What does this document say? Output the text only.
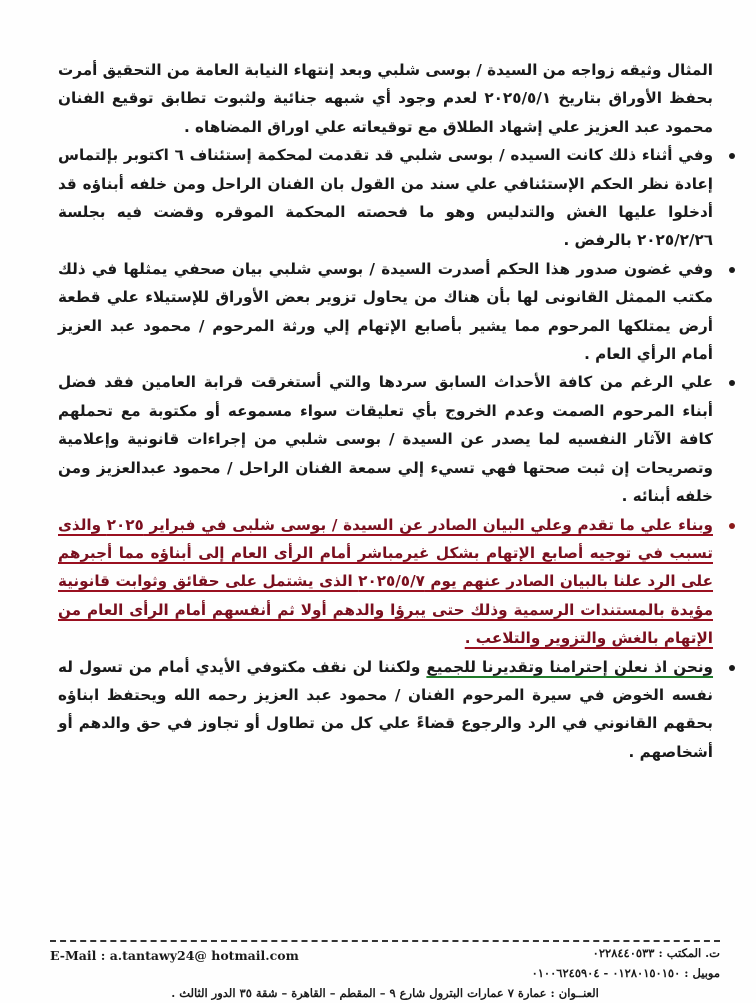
المثال وثيقه زواجه من السيدة / بوسى شلبي وبعد إنتهاء النيابة العامة من التحقيق أمرت بحفظ الأوراق بتاريخ ٢٠٢٥/٥/١ لعدم وجود أي شبهه جنائية ولثبوت تطابق توقيع الفنان محمود عبد العزيز علي إشهاد الطلاق مع توقيعاته علي اوراق المضاهاه .

وفي أثناء ذلك كانت السيده / بوسى شلبي قد تقدمت لمحكمة إستئناف ٦ اكتوبر بإلتماس إعادة نظر الحكم الإستئنافي علي سند من القول بان الفنان الراحل ومن خلفه أبناؤه قد أدخلوا عليها الغش والتدليس وهو ما فحصته المحكمة الموقره وقضت فيه بجلسة ٢٠٢٥/٢/٢٦ بالرفض .

وفي غضون صدور هذا الحكم أصدرت السيدة / بوسي شلبي بيان صحفي يمثلها في ذلك مكتب الممثل القانونى لها بأن هناك من يحاول تزوير بعض الأوراق للإستيلاء علي قطعة أرض يمتلكها المرحوم مما يشير بأصابع الإتهام إلي ورثة المرحوم / محمود عبد العزيز أمام الرأي العام .

علي الرغم من كافة الأحداث السابق سردها والتي أستغرقت قرابة العامين فقد فضل أبناء المرحوم الصمت وعدم الخروج بأي تعليقات سواء مسموعه أو مكتوبة مع تحملهم كافة الآثار النفسيه لما يصدر عن السيدة / بوسى شلبي من إجراءات قانونية وإعلامية وتصريحات إن ثبت صحتها فهي تسيء إلي سمعة الفنان الراحل / محمود عبدالعزيز ومن خلفه أبنائه .

وبناء علي ما تقدم وعلي البيان الصادر عن السيدة / بوسى شلبى في فبراير ٢٠٢٥ والذى تسبب في توجيه أصابع الإتهام بشكل غيرمباشر أمام الرأى العام إلى أبناؤه مما أجبرهم على الرد علنا بالبيان الصادر عنهم يوم ٢٠٢٥/٥/٧ الذى يشتمل على حقائق وثوابت قانونية مؤيدة بالمستندات الرسمية وذلك حتى يبرؤا والدهم أولا ثم أنفسهم أمام الرأى العام من الإتهام بالغش والتزوير والتلاعب .

ونحن اذ نعلن إحترامنا وتقديرنا للجميع ولكننا لن نقف مكتوفي الأيدي أمام من تسول له نفسه الخوض في سيرة المرحوم الفنان / محمود عبد العزيز رحمه الله ويحتفظ ابناؤه بحقهم القانوني في الرد والرجوع قضاءً علي كل من تطاول أو تجاوز في حق والدهم أو أشخاصهم .

E-Mail : a.tantawy24@ hotmail.com	ت. المكتب : ٠٢٢٨٤٤٠٥٣٣
موبيل : ٠١٢٨٠١٥٠١٥٠ - ٠١٠٠٦٢٤٥٩٠٤
العنــوان : عمارة ٧ عمارات البترول شارع ٩ – المقطم – القاهرة – شقة ٣٥ الدور الثالث .
